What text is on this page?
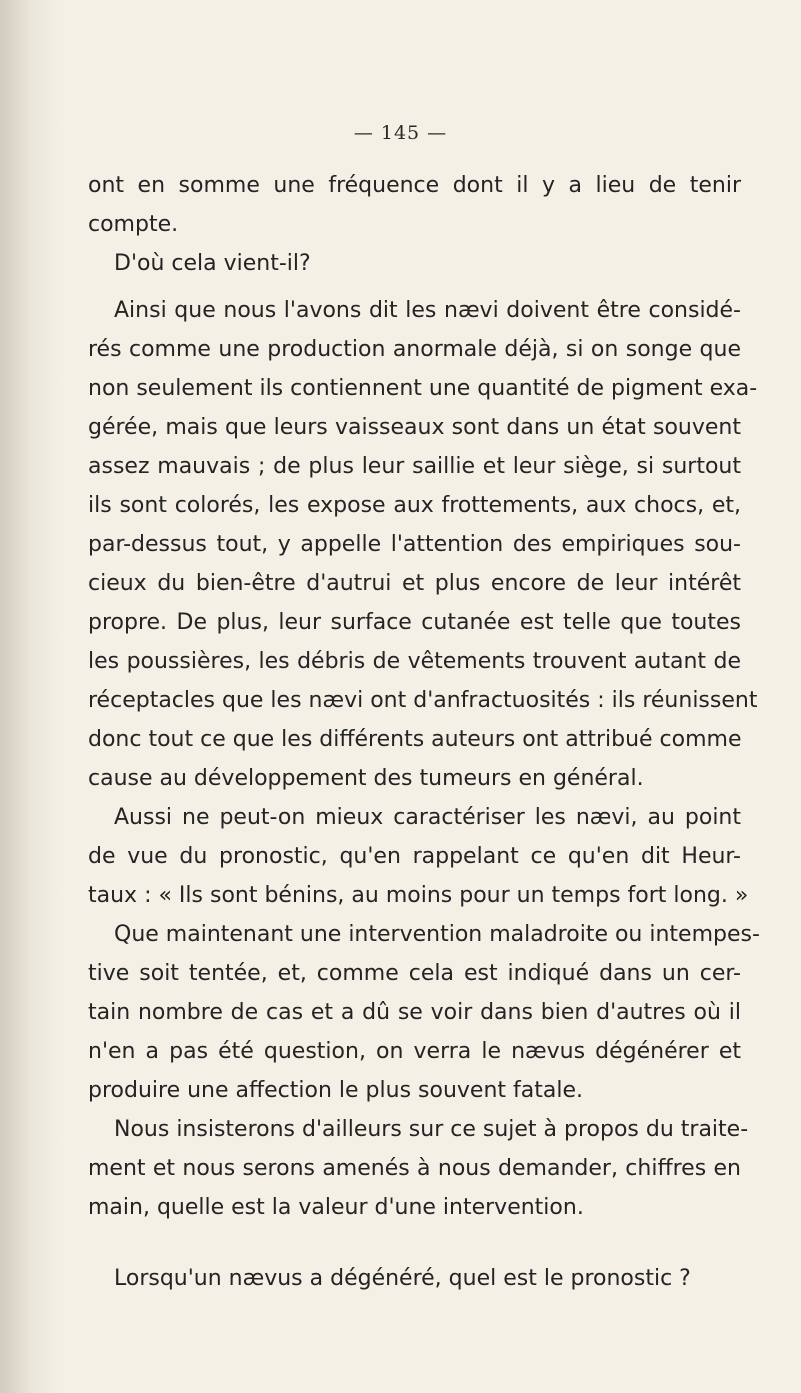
— 145 —
ont en somme une fréquence dont il y a lieu de tenir
compte.
D'où cela vient-il?
Ainsi que nous l'avons dit les nævi doivent être considé-
rés comme une production anormale déjà, si on songe que
non seulement ils contiennent une quantité de pigment exa-
gérée, mais que leurs vaisseaux sont dans un état souvent
assez mauvais ; de plus leur saillie et leur siège, si surtout
ils sont colorés, les expose aux frottements, aux chocs, et,
par-dessus tout, y appelle l'attention des empiriques sou-
cieux du bien-être d'autrui et plus encore de leur intérêt
propre. De plus, leur surface cutanée est telle que toutes
les poussières, les débris de vêtements trouvent autant de
réceptacles que les nævi ont d'anfractuosités : ils réunissent
donc tout ce que les différents auteurs ont attribué comme
cause au développement des tumeurs en général.
Aussi ne peut-on mieux caractériser les nævi, au point
de vue du pronostic, qu'en rappelant ce qu'en dit Heur-
taux : « Ils sont bénins, au moins pour un temps fort long. »
Que maintenant une intervention maladroite ou intempes-
tive soit tentée, et, comme cela est indiqué dans un cer-
tain nombre de cas et a dû se voir dans bien d'autres où il
n'en a pas été question, on verra le nævus dégénérer et
produire une affection le plus souvent fatale.
Nous insisterons d'ailleurs sur ce sujet à propos du traite-
ment et nous serons amenés à nous demander, chiffres en
main, quelle est la valeur d'une intervention.
Lorsqu'un nævus a dégénéré, quel est le pronostic ?
